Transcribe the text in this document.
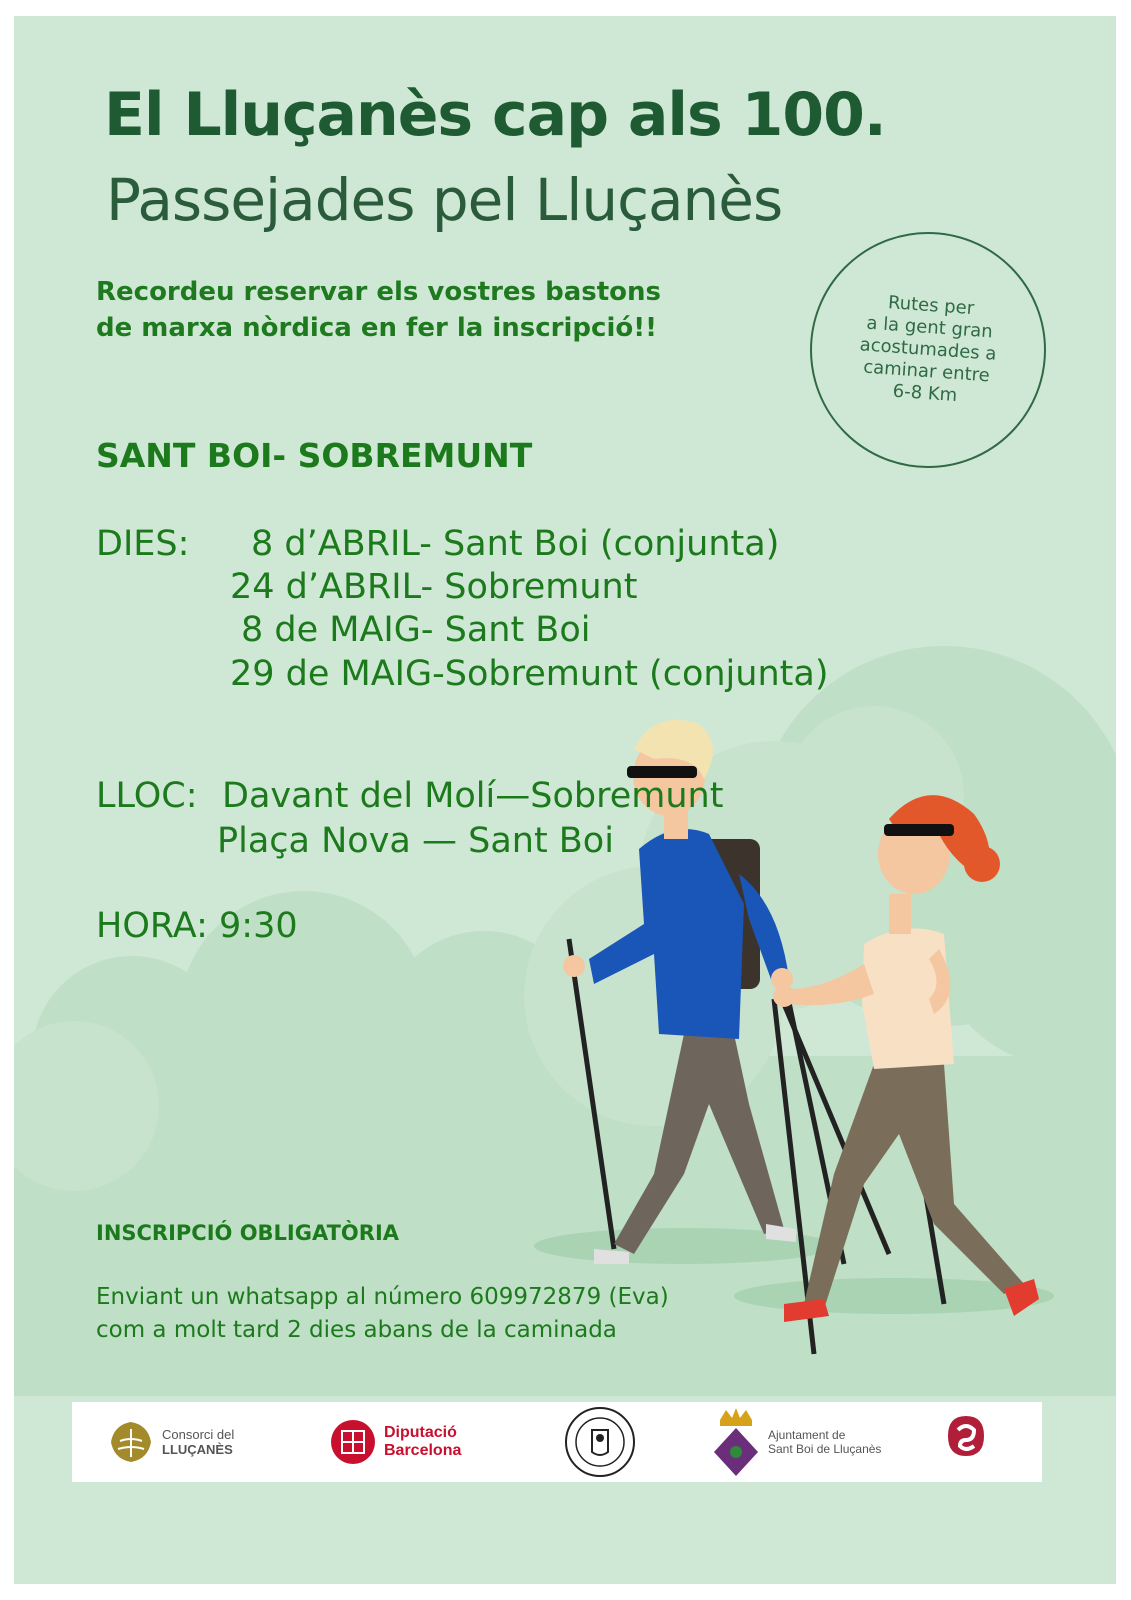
El Lluçanès cap als 100.
Passejades pel Lluçanès
Recordeu reservar els vostres bastons
de marxa nòrdica en fer la inscripció!!
Rutes per
a la gent gran
acostumades a
caminar entre
6-8 Km
SANT BOI- SOBREMUNT
DIES: 8 d’ABRIL- Sant Boi (conjunta)
24 d’ABRIL- Sobremunt
8 de MAIG- Sant Boi
29 de MAIG-Sobremunt (conjunta)
LLOC: Davant del Molí—Sobremunt
Plaça Nova — Sant Boi
HORA: 9:30
INSCRIPCIÓ OBLIGATÒRIA
Enviant un whatsapp al número 609972879 (Eva)
com a molt tard 2 dies abans de la caminada
Consorci del
LLUÇANÈS
Diputació
Barcelona
Ajuntament de
Sant Boi de Lluçanès
